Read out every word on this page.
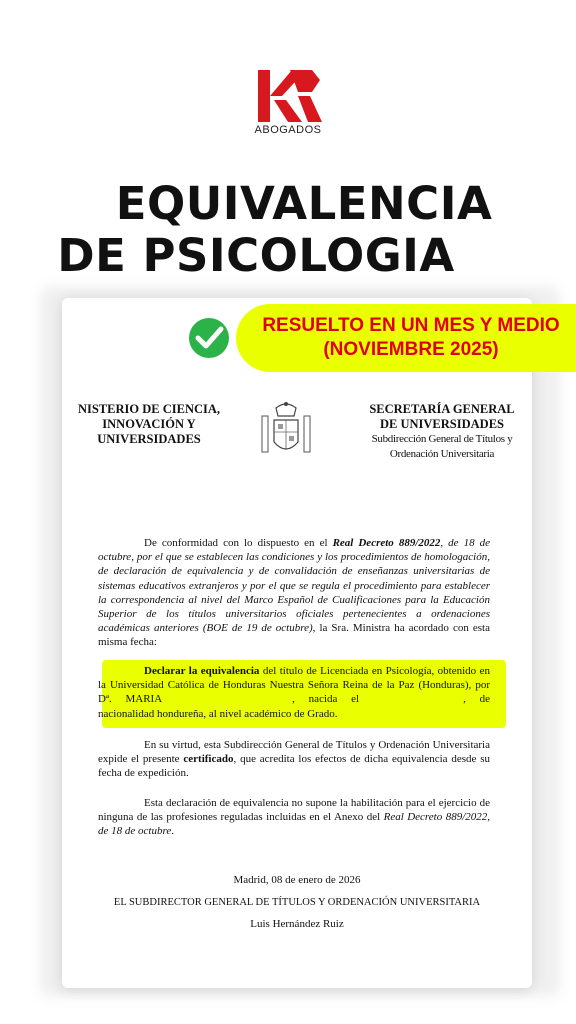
ABOGADOS
EQUIVALENCIA
DE PSICOLOGIA
NISTERIO DE CIENCIA,
INNOVACIÓN Y
UNIVERSIDADES
SECRETARÍA GENERAL
DE UNIVERSIDADES
Subdirección General de Títulos y
Ordenación Universitaria
De conformidad con lo dispuesto en el Real Decreto 889/2022, de 18 de octubre, por el que se establecen las condiciones y los procedimientos de homologación, de declaración de equivalencia y de convalidación de enseñanzas universitarias de sistemas educativos extranjeros y por el que se regula el procedimiento para establecer la correspondencia al nivel del Marco Español de Cualificaciones para la Educación Superior de los títulos universitarios oficiales pertenecientes a ordenaciones académicas anteriores (BOE de 19 de octubre), la Sra. Ministra ha acordado con esta misma fecha:
Declarar la equivalencia del título de Licenciada en Psicología, obtenido en la Universidad Católica de Honduras Nuestra Señora Reina de la Paz (Honduras), por Dª. MARIA	, nacida el	, de nacionalidad hondureña, al nivel académico de Grado.
En su virtud, esta Subdirección General de Títulos y Ordenación Universitaria expide el presente certificado, que acredita los efectos de dicha equivalencia desde su fecha de expedición.
Esta declaración de equivalencia no supone la habilitación para el ejercicio de ninguna de las profesiones reguladas incluidas en el Anexo del Real Decreto 889/2022, de 18 de octubre.
Madrid, 08 de enero de 2026
EL SUBDIRECTOR GENERAL DE TÍTULOS Y ORDENACIÓN UNIVERSITARIA
Luis Hernández Ruiz
RESUELTO EN UN MES Y MEDIO
(NOVIEMBRE 2025)
